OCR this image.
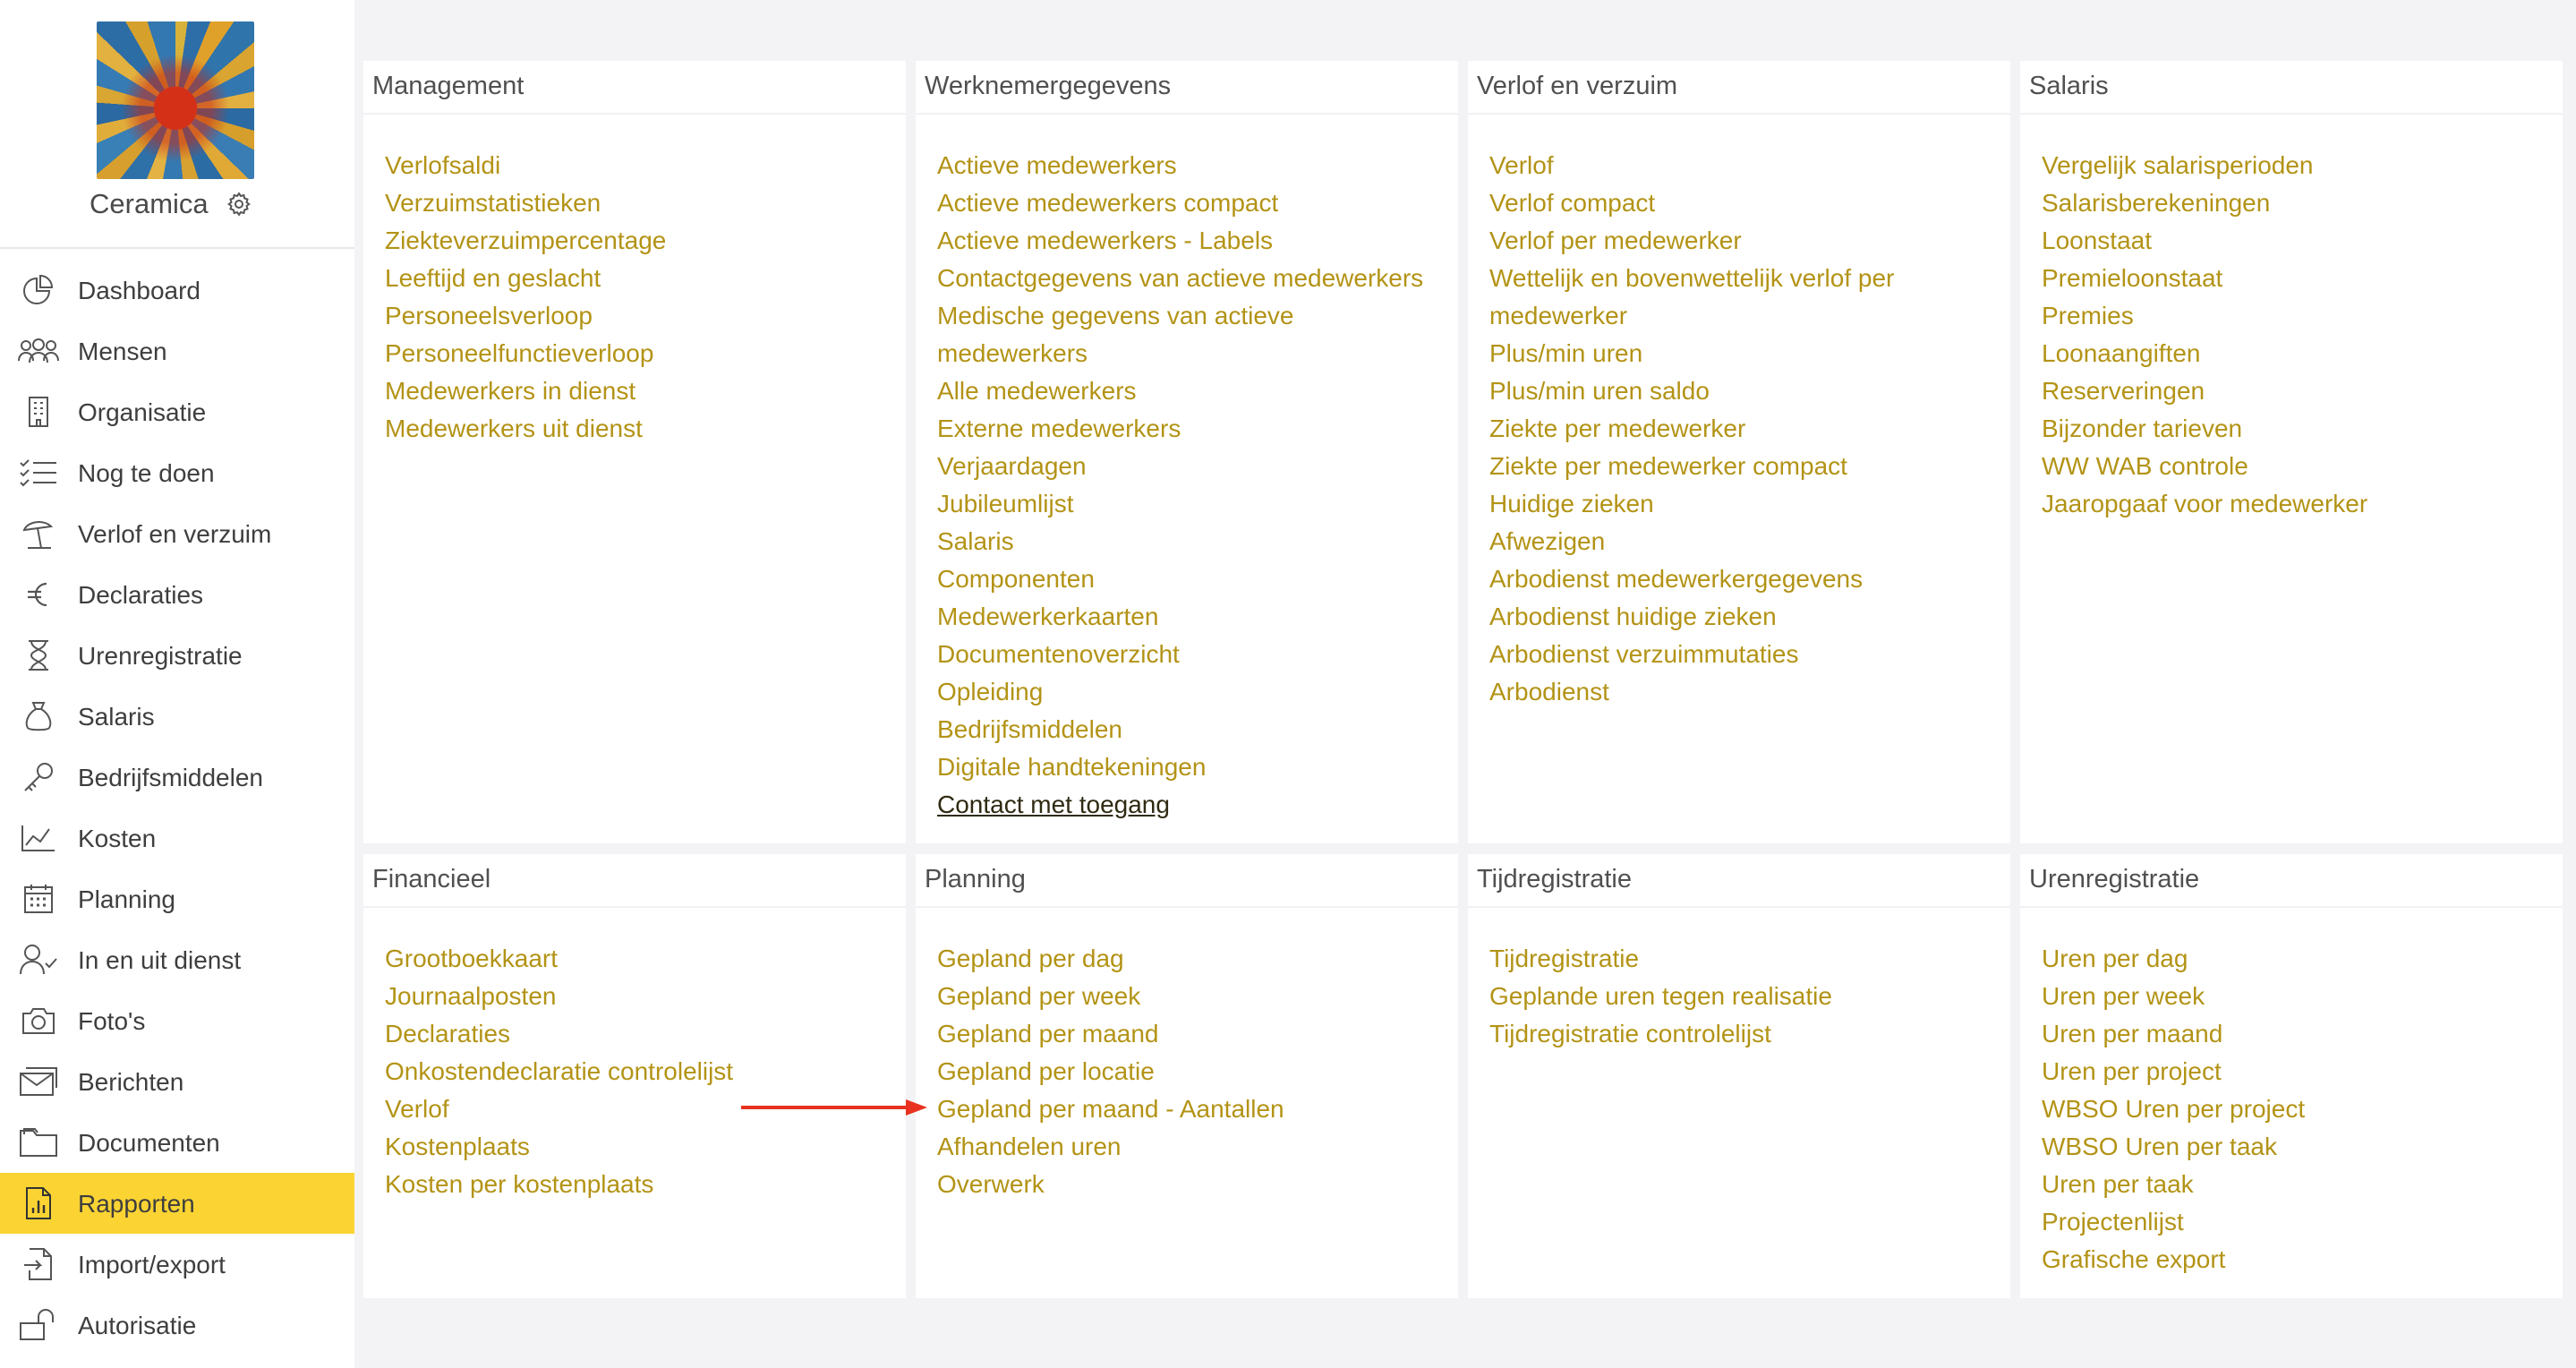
Ceramica
Dashboard
Mensen
Organisatie
Nog te doen
Verlof en verzuim
Declaraties
Urenregistratie
Salaris
Bedrijfsmiddelen
Kosten
Planning
In en uit dienst
Foto's
Berichten
Documenten
Rapporten
Import/export
Autorisatie
Management
Verlofsaldi
Verzuimstatistieken
Ziekteverzuimpercentage
Leeftijd en geslacht
Personeelsverloop
Personeelfunctieverloop
Medewerkers in dienst
Medewerkers uit dienst
Werknemergegevens
Actieve medewerkers
Actieve medewerkers compact
Actieve medewerkers - Labels
Contactgegevens van actieve medewerkers
Medische gegevens van actieve
medewerkers
Alle medewerkers
Externe medewerkers
Verjaardagen
Jubileumlijst
Salaris
Componenten
Medewerkerkaarten
Documentenoverzicht
Opleiding
Bedrijfsmiddelen
Digitale handtekeningen
Contact met toegang
Verlof en verzuim
Verlof
Verlof compact
Verlof per medewerker
Wettelijk en bovenwettelijk verlof per
medewerker
Plus/min uren
Plus/min uren saldo
Ziekte per medewerker
Ziekte per medewerker compact
Huidige zieken
Afwezigen
Arbodienst medewerkergegevens
Arbodienst huidige zieken
Arbodienst verzuimmutaties
Arbodienst
Salaris
Vergelijk salarisperioden
Salarisberekeningen
Loonstaat
Premieloonstaat
Premies
Loonaangiften
Reserveringen
Bijzonder tarieven
WW WAB controle
Jaaropgaaf voor medewerker
Financieel
Grootboekkaart
Journaalposten
Declaraties
Onkostendeclaratie controlelijst
Verlof
Kostenplaats
Kosten per kostenplaats
Planning
Gepland per dag
Gepland per week
Gepland per maand
Gepland per locatie
Gepland per maand - Aantallen
Afhandelen uren
Overwerk
Tijdregistratie
Tijdregistratie
Geplande uren tegen realisatie
Tijdregistratie controlelijst
Urenregistratie
Uren per dag
Uren per week
Uren per maand
Uren per project
WBSO Uren per project
WBSO Uren per taak
Uren per taak
Projectenlijst
Grafische export
